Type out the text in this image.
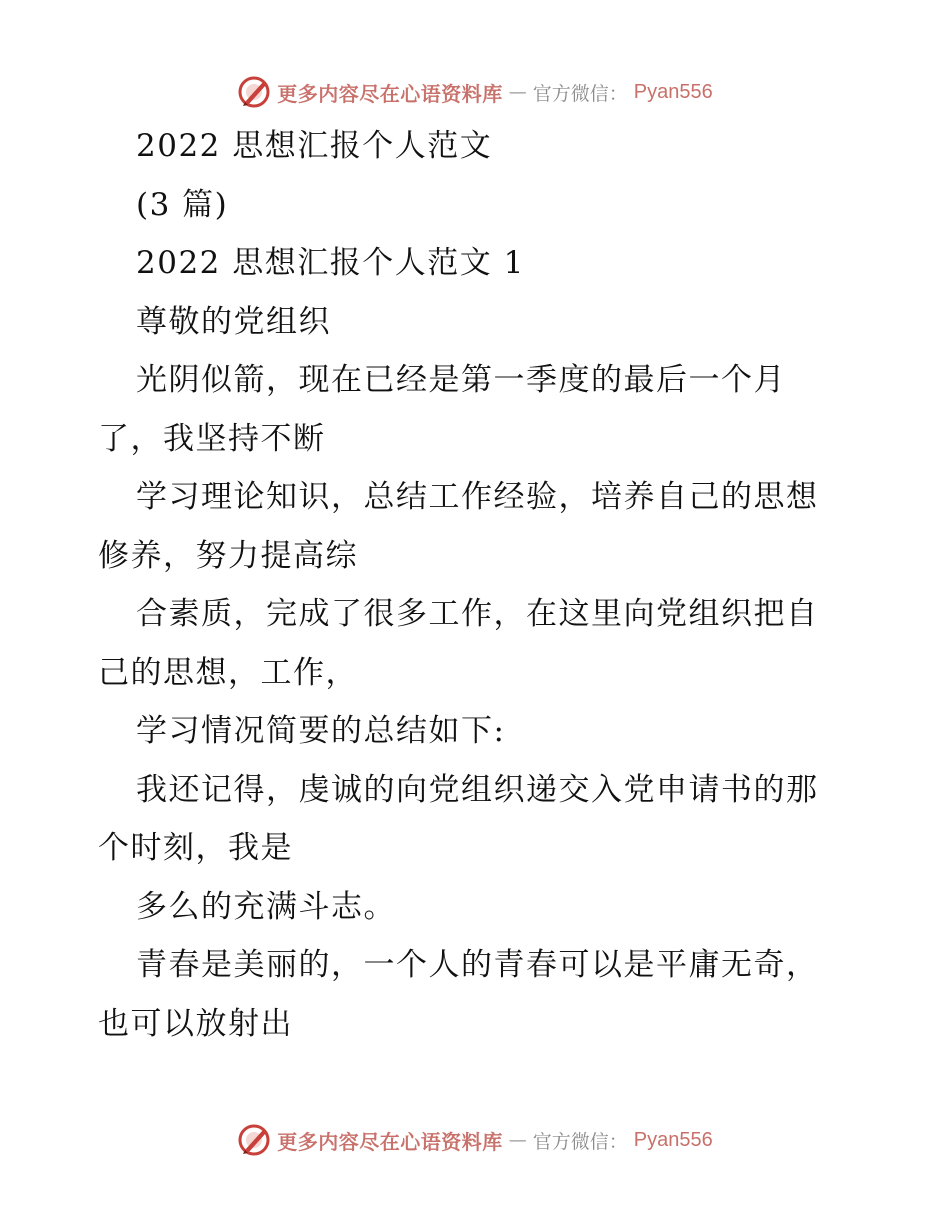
更多内容尽在心语资料库 — 官方微信： Pyan556
2022 思想汇报个人范文
(3 篇)
2022 思想汇报个人范文 1
尊敬的党组织
光阴似箭，现在已经是第一季度的最后一个月
了，我坚持不断
学习理论知识，总结工作经验，培养自己的思想
修养，努力提高综
合素质，完成了很多工作，在这里向党组织把自
己的思想，工作，
学习情况简要的总结如下:
我还记得，虔诚的向党组织递交入党申请书的那
个时刻，我是
多么的充满斗志。
青春是美丽的，一个人的青春可以是平庸无奇，
也可以放射出
更多内容尽在心语资料库 — 官方微信： Pyan556
